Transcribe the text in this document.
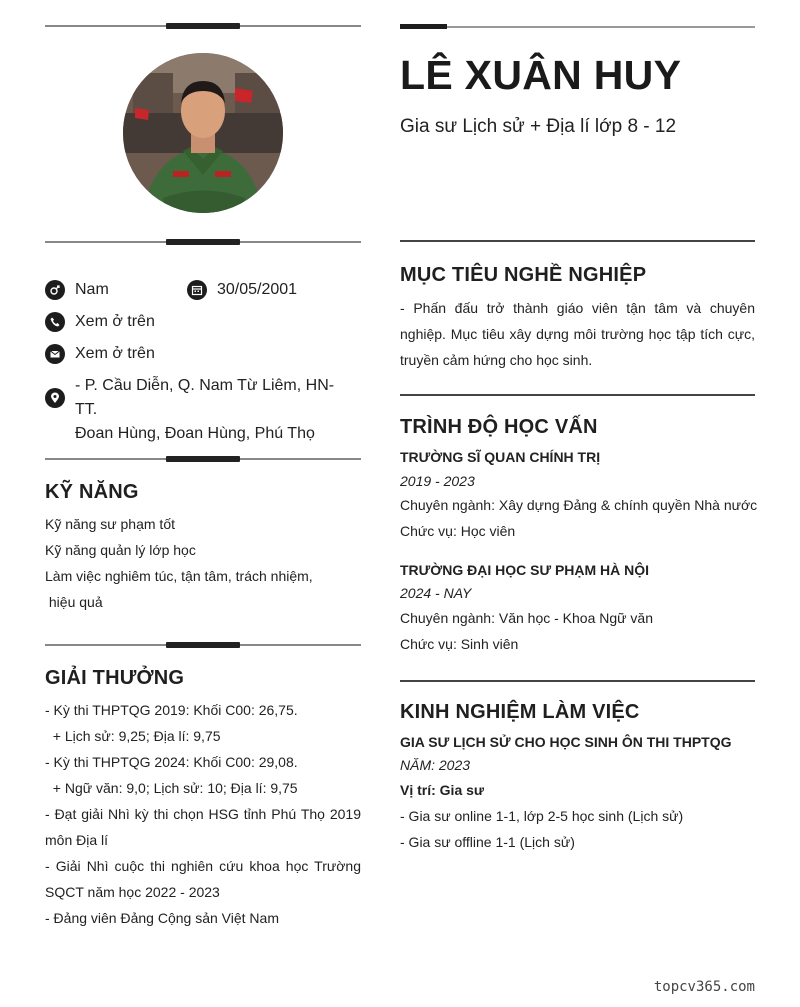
LÊ XUÂN HUY
Gia sư Lịch sử + Địa lí lớp 8 - 12
Nam	30/05/2001
Xem ở trên
Xem ở trên
- P. Cầu Diễn, Q. Nam Từ Liêm, HN- TT.
Đoan Hùng, Đoan Hùng, Phú Thọ
KỸ NĂNG
Kỹ năng sư phạm tốt
Kỹ năng quản lý lớp học
Làm việc nghiêm túc, tận tâm, trách nhiệm,
hiệu quả
GIẢI THƯỞNG
- Kỳ thi THPTQG 2019: Khối C00: 26,75.
+ Lịch sử: 9,25; Địa lí: 9,75
- Kỳ thi THPTQG 2024: Khối C00: 29,08.
+ Ngữ văn: 9,0; Lịch sử: 10; Địa lí: 9,75
- Đạt giải Nhì kỳ thi chọn HSG tỉnh Phú Thọ 2019 môn Địa lí
- Giải Nhì cuộc thi nghiên cứu khoa học Trường SQCT năm học 2022 - 2023
- Đảng viên Đảng Cộng sản Việt Nam
MỤC TIÊU NGHỀ NGHIỆP
- Phấn đấu trở thành giáo viên tận tâm và chuyên nghiệp. Mục tiêu xây dựng môi trường học tập tích cực, truyền cảm hứng cho học sinh.
TRÌNH ĐỘ HỌC VẤN
TRƯỜNG SĨ QUAN CHÍNH TRỊ
2019 - 2023
Chuyên ngành: Xây dựng Đảng & chính quyền Nhà nước
Chức vụ: Học viên
TRƯỜNG ĐẠI HỌC SƯ PHẠM HÀ NỘI
2024 - NAY
Chuyên ngành: Văn học - Khoa Ngữ văn
Chức vụ: Sinh viên
KINH NGHIỆM LÀM VIỆC
GIA SƯ LỊCH SỬ CHO HỌC SINH ÔN THI THPTQG
NĂM: 2023
Vị trí: Gia sư
- Gia sư online 1-1, lớp 2-5 học sinh (Lịch sử)
- Gia sư offline 1-1 (Lịch sử)
topcv365.com
